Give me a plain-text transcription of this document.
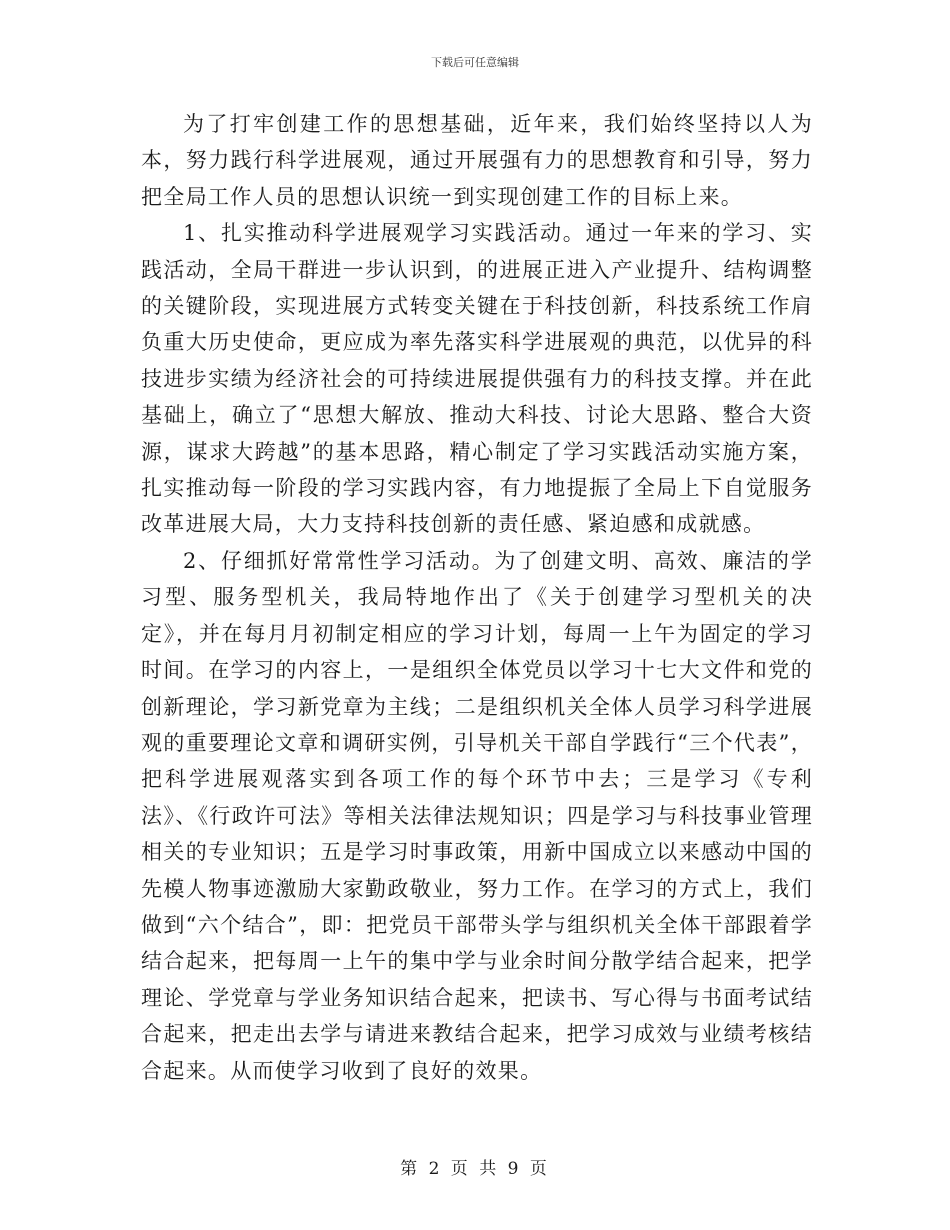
下载后可任意编辑

为了打牢创建工作的思想基础，近年来，我们始终坚持以人为本，努力践行科学进展观，通过开展强有力的思想教育和引导，努力把全局工作人员的思想认识统一到实现创建工作的目标上来。

1、扎实推动科学进展观学习实践活动。通过一年来的学习、实践活动，全局干群进一步认识到，的进展正进入产业提升、结构调整的关键阶段，实现进展方式转变关键在于科技创新，科技系统工作肩负重大历史使命，更应成为率先落实科学进展观的典范，以优异的科技进步实绩为经济社会的可持续进展提供强有力的科技支撑。并在此基础上，确立了“思想大解放、推动大科技、讨论大思路、整合大资源，谋求大跨越”的基本思路，精心制定了学习实践活动实施方案，扎实推动每一阶段的学习实践内容，有力地提振了全局上下自觉服务改革进展大局，大力支持科技创新的责任感、紧迫感和成就感。

2、仔细抓好常常性学习活动。为了创建文明、高效、廉洁的学习型、服务型机关，我局特地作出了《关于创建学习型机关的决定》，并在每月月初制定相应的学习计划，每周一上午为固定的学习时间。在学习的内容上，一是组织全体党员以学习十七大文件和党的创新理论，学习新党章为主线；二是组织机关全体人员学习科学进展观的重要理论文章和调研实例，引导机关干部自学践行“三个代表”，把科学进展观落实到各项工作的每个环节中去；三是学习《专利法》、《行政许可法》等相关法律法规知识；四是学习与科技事业管理相关的专业知识；五是学习时事政策，用新中国成立以来感动中国的先模人物事迹激励大家勤政敬业，努力工作。在学习的方式上，我们做到“六个结合”，即：把党员干部带头学与组织机关全体干部跟着学结合起来，把每周一上午的集中学与业余时间分散学结合起来，把学理论、学党章与学业务知识结合起来，把读书、写心得与书面考试结合起来，把走出去学与请进来教结合起来，把学习成效与业绩考核结合起来。从而使学习收到了良好的效果。

第 2 页 共 9 页
